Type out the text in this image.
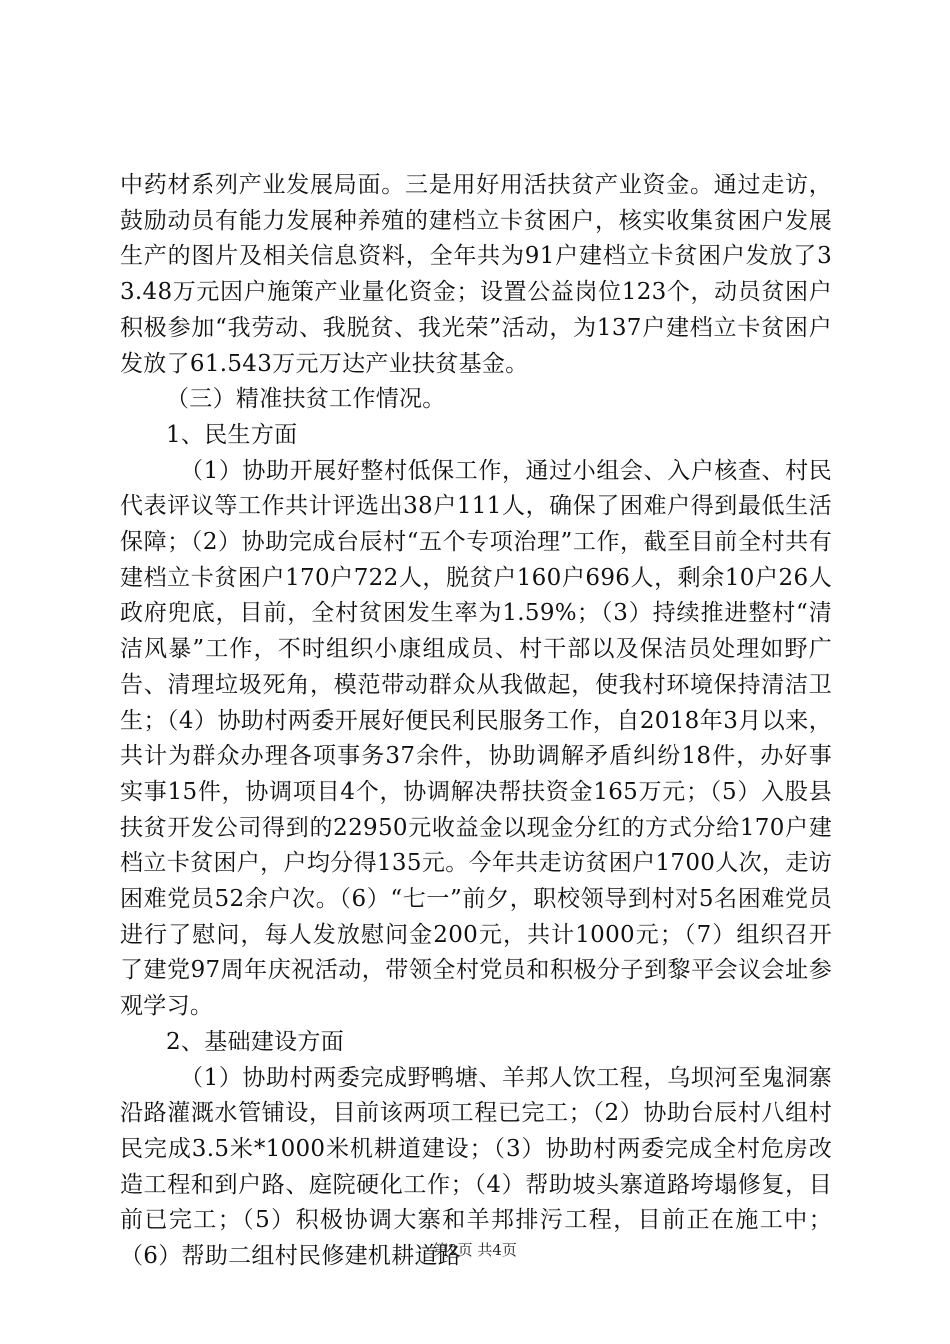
中药材系列产业发展局面。三是用好用活扶贫产业资金。通过走访，鼓励动员有能力发展种养殖的建档立卡贫困户，核实收集贫困户发展生产的图片及相关信息资料，全年共为91户建档立卡贫困户发放了33.48万元因户施策产业量化资金；设置公益岗位123个，动员贫困户积极参加“我劳动、我脱贫、我光荣”活动，为137户建档立卡贫困户发放了61.543万元万达产业扶贫基金。

（三）精准扶贫工作情况。

1、民生方面

（1）协助开展好整村低保工作，通过小组会、入户核查、村民代表评议等工作共计评选出38户111人，确保了困难户得到最低生活保障；（2）协助完成台辰村“五个专项治理”工作，截至目前全村共有建档立卡贫困户170户722人，脱贫户160户696人，剩余10户26人政府兜底，目前，全村贫困发生率为1.59%；（3）持续推进整村“清洁风暴”工作，不时组织小康组成员、村干部以及保洁员处理如野广告、清理垃圾死角，模范带动群众从我做起，使我村环境保持清洁卫生；（4）协助村两委开展好便民利民服务工作，自2018年3月以来，共计为群众办理各项事务37余件，协助调解矛盾纠纷18件，办好事实事15件，协调项目4个，协调解决帮扶资金165万元；（5）入股县扶贫开发公司得到的22950元收益金以现金分红的方式分给170户建档立卡贫困户，户均分得135元。今年共走访贫困户1700人次，走访困难党员52余户次。（6）“七一”前夕，职校领导到村对5名困难党员进行了慰问，每人发放慰问金200元，共计1000元；（7）组织召开了建党97周年庆祝活动，带领全村党员和积极分子到黎平会议会址参观学习。

2、基础建设方面

（1）协助村两委完成野鸭塘、羊邦人饮工程，乌坝河至鬼洞寨沿路灌溉水管铺设，目前该两项工程已完工；（2）协助台辰村八组村民完成3.5米*1000米机耕道建设；（3）协助村两委完成全村危房改造工程和到户路、庭院硬化工作；（4）帮助坡头寨道路垮塌修复，目前已完工；（5）积极协调大寨和羊邦排污工程，目前正在施工中；（6）帮助二组村民修建机耕道路

第2页 共4页
